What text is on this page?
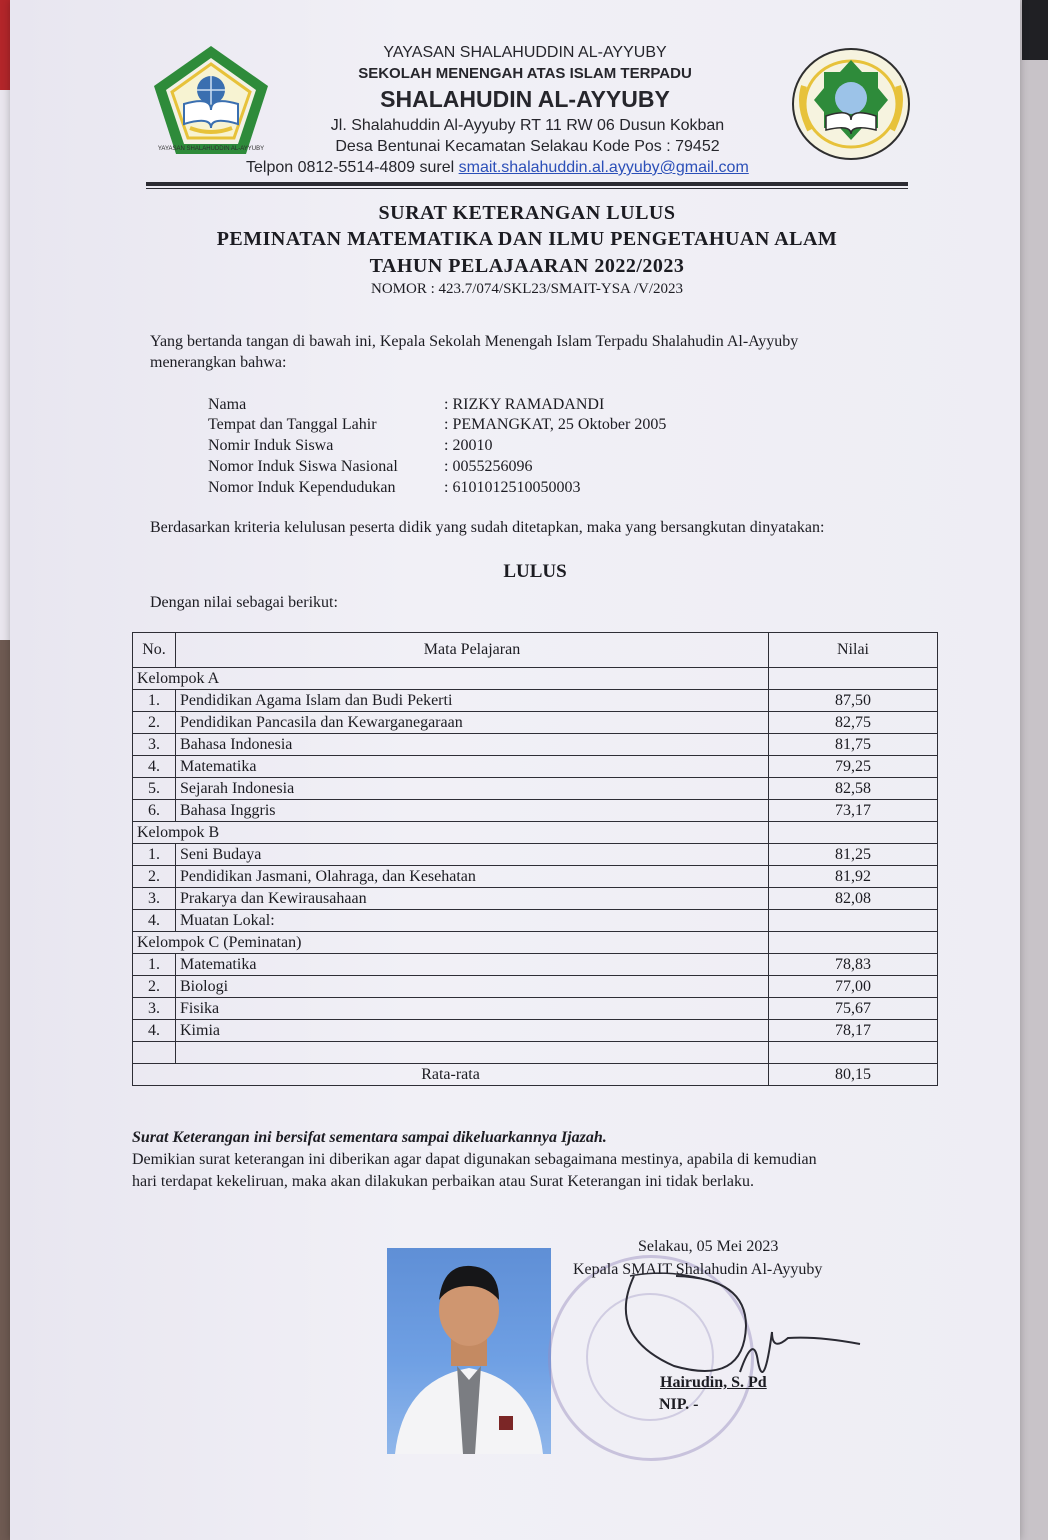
YAYASAN SHALAHUDDIN AL-AYYUBY
YAYASAN SHALAHUDDIN AL-AYYUBY
SEKOLAH MENENGAH ATAS ISLAM TERPADU
SHALAHUDIN AL-AYYUBY
Jl. Shalahuddin Al-Ayyuby RT 11 RW 06 Dusun Kokban
Desa Bentunai Kecamatan Selakau Kode Pos : 79452
Telpon 0812-5514-4809 surel smait.shalahuddin.al.ayyuby@gmail.com
SURAT KETERANGAN LULUS
PEMINATAN MATEMATIKA DAN ILMU PENGETAHUAN ALAM
TAHUN PELAJAARAN 2022/2023
NOMOR : 423.7/074/SKL23/SMAIT-YSA /V/2023
Yang bertanda tangan di bawah ini, Kepala Sekolah Menengah Islam Terpadu Shalahudin Al-Ayyuby
menerangkan bahwa:
Nama	: RIZKY RAMADANDI
Tempat dan Tanggal Lahir	: PEMANGKAT, 25 Oktober 2005
Nomir Induk Siswa	: 20010
Nomor Induk Siswa Nasional	: 0055256096
Nomor Induk Kependudukan	: 6101012510050003
Berdasarkan kriteria kelulusan peserta didik yang sudah ditetapkan, maka yang bersangkutan dinyatakan:
LULUS
Dengan nilai sebagai berikut:
No.	Mata Pelajaran	Nilai
Kelompok A		
1.	Pendidikan Agama Islam dan Budi Pekerti	87,50
2.	Pendidikan Pancasila dan Kewarganegaraan	82,75
3.	Bahasa Indonesia	81,75
4.	Matematika	79,25
5.	Sejarah Indonesia	82,58
6.	Bahasa Inggris	73,17
Kelompok B		
1.	Seni Budaya	81,25
2.	Pendidikan Jasmani, Olahraga, dan Kesehatan	81,92
3.	Prakarya dan Kewirausahaan	82,08
4.	Muatan Lokal:	
Kelompok C (Peminatan)		
1.	Matematika	78,83
2.	Biologi	77,00
3.	Fisika	75,67
4.	Kimia	78,17

Rata-rata		80,15
Surat Keterangan ini bersifat sementara sampai dikeluarkannya Ijazah.
Demikian surat keterangan ini diberikan agar dapat digunakan sebagaimana mestinya, apabila di kemudian
hari terdapat kekeliruan, maka akan dilakukan perbaikan atau Surat Keterangan ini tidak berlaku.
Selakau, 05 Mei 2023
Kepala SMAIT Shalahudin Al-Ayyuby
Hairudin, S. Pd
NIP. -
